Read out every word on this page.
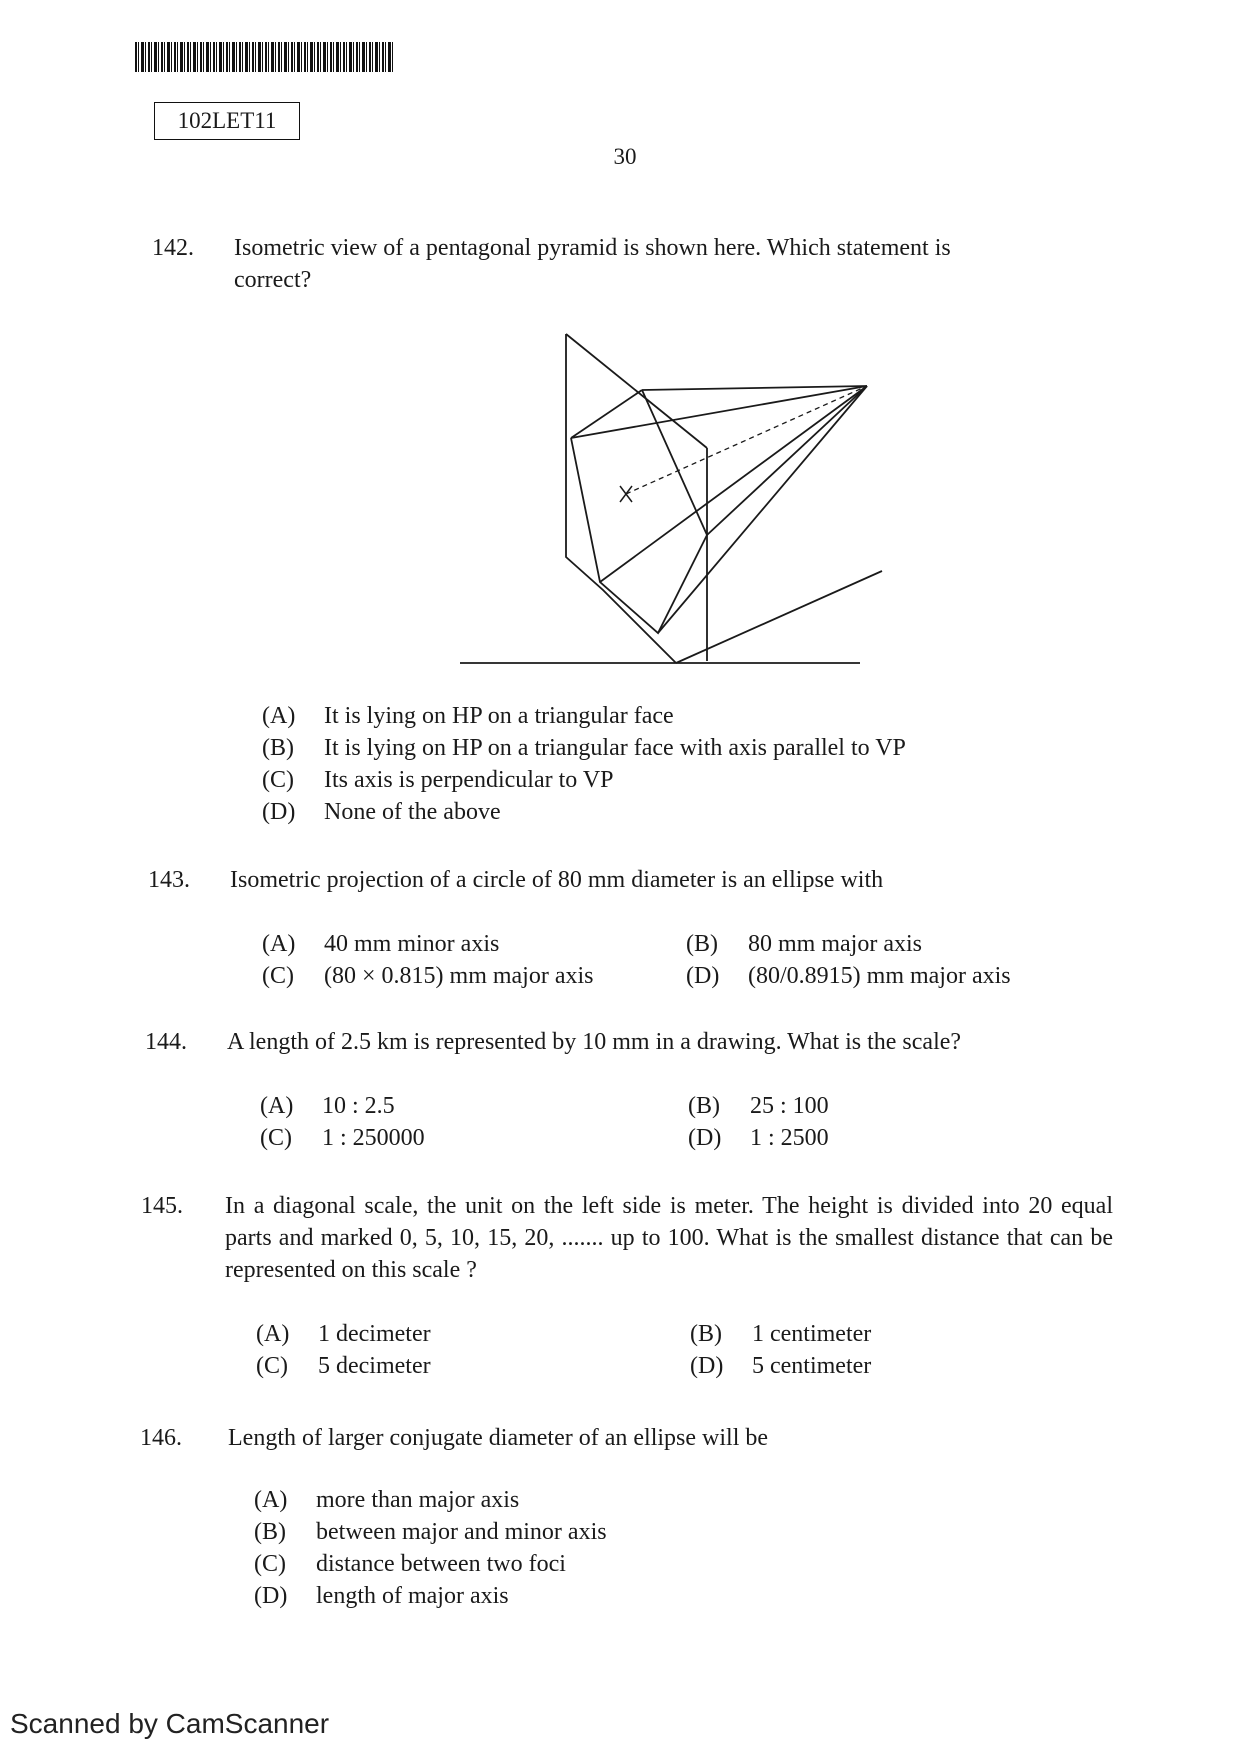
102LET11
30
142. Isometric view of a pentagonal pyramid is shown here. Which statement is correct?
(A) It is lying on HP on a triangular face
(B) It is lying on HP on a triangular face with axis parallel to VP
(C) Its axis is perpendicular to VP
(D) None of the above
143. Isometric projection of a circle of 80 mm diameter is an ellipse with
(A) 40 mm minor axis	(B) 80 mm major axis
(C) (80 × 0.815) mm major axis	(D) (80/0.8915) mm major axis
144. A length of 2.5 km is represented by 10 mm in a drawing. What is the scale?
(A) 10 : 2.5	(B) 25 : 100
(C) 1 : 250000	(D) 1 : 2500
145. In a diagonal scale, the unit on the left side is meter. The height is divided into 20 equal parts and marked 0, 5, 10, 15, 20, ....... up to 100. What is the smallest distance that can be represented on this scale ?
(A) 1 decimeter	(B) 1 centimeter
(C) 5 decimeter	(D) 5 centimeter
146. Length of larger conjugate diameter of an ellipse will be
(A) more than major axis
(B) between major and minor axis
(C) distance between two foci
(D) length of major axis
Scanned by CamScanner
